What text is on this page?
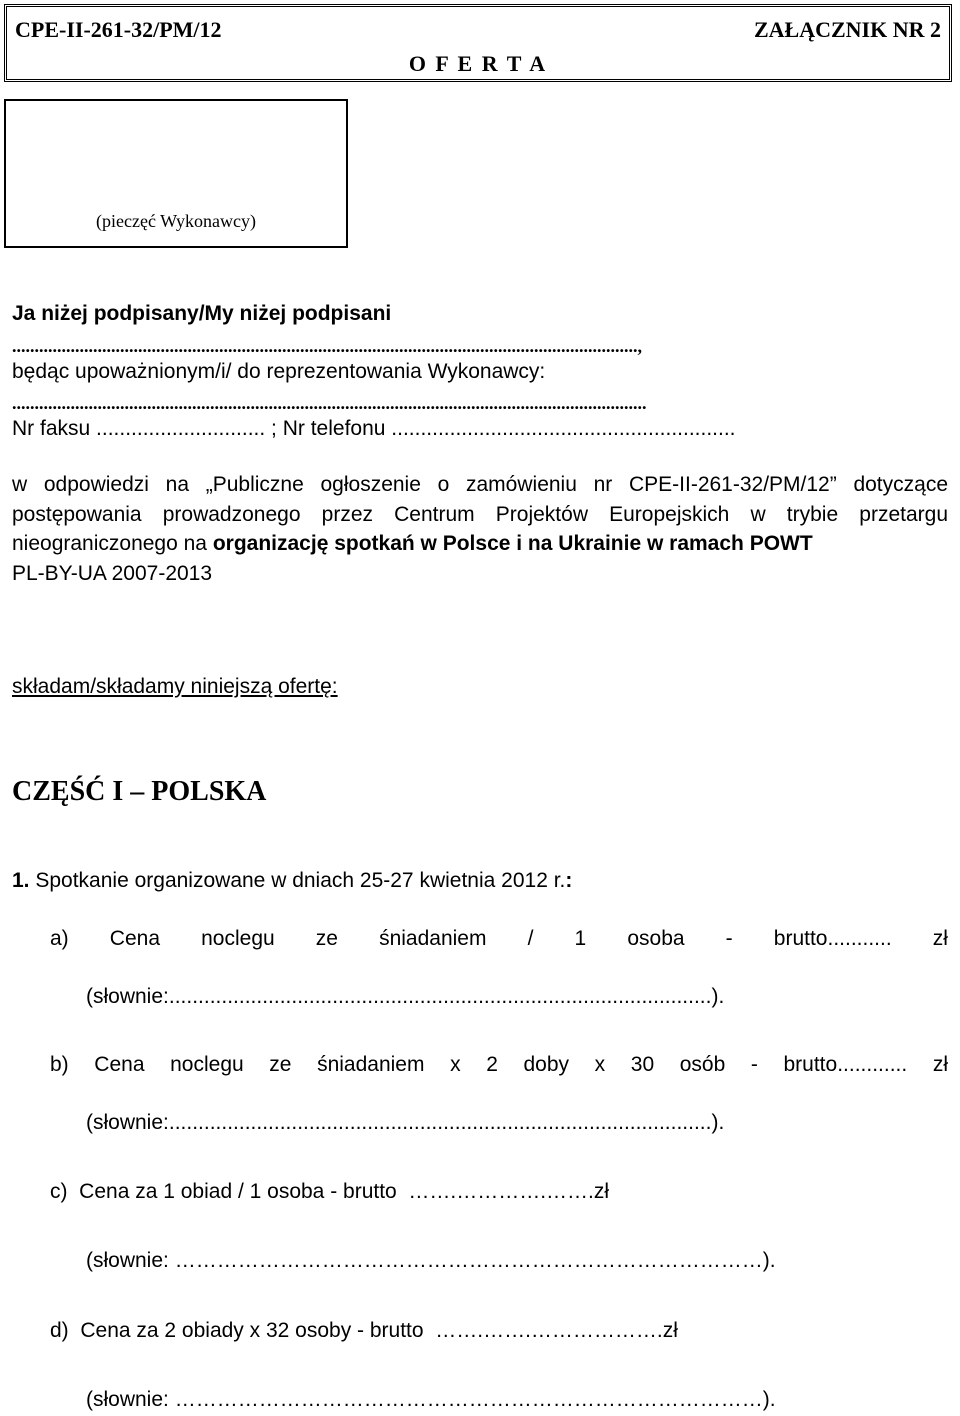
CPE-II-261-32/PM/12	ZAŁĄCZNIK NR 2
O F E R T A
(pieczęć Wykonawcy)
Ja niżej podpisany/My niżej podpisani
...........................................................................................................................................,
będąc upoważnionym/i/ do reprezentowania Wykonawcy:
.............................................................................................................................................
Nr faksu ............................. ; Nr telefonu ...........................................................
w odpowiedzi na „Publiczne ogłoszenie o zamówieniu nr CPE-II-261-32/PM/12” dotyczące postępowania prowadzonego przez Centrum Projektów Europejskich w trybie przetargu nieograniczonego na organizację spotkań w Polsce i na Ukrainie w ramach POWT
PL-BY-UA 2007-2013
składam/składamy niniejszą ofertę:
CZĘŚĆ I – POLSKA
1. Spotkanie organizowane w dniach 25-27 kwietnia 2012 r.:
a) Cena noclegu ze śniadaniem / 1 osoba - brutto........... zł
(słownie:.............................................................................................).
b) Cena noclegu ze śniadaniem x 2 doby x 30 osób - brutto............ zł
(słownie:.............................................................................................).
c) Cena za 1 obiad / 1 osoba - brutto …….………….…….zł
(słownie: …………………………………………………………………………).
d) Cena za 2 obiady x 32 osoby - brutto …….…….……………….zł
(słownie: …………………………………………………………………………).
